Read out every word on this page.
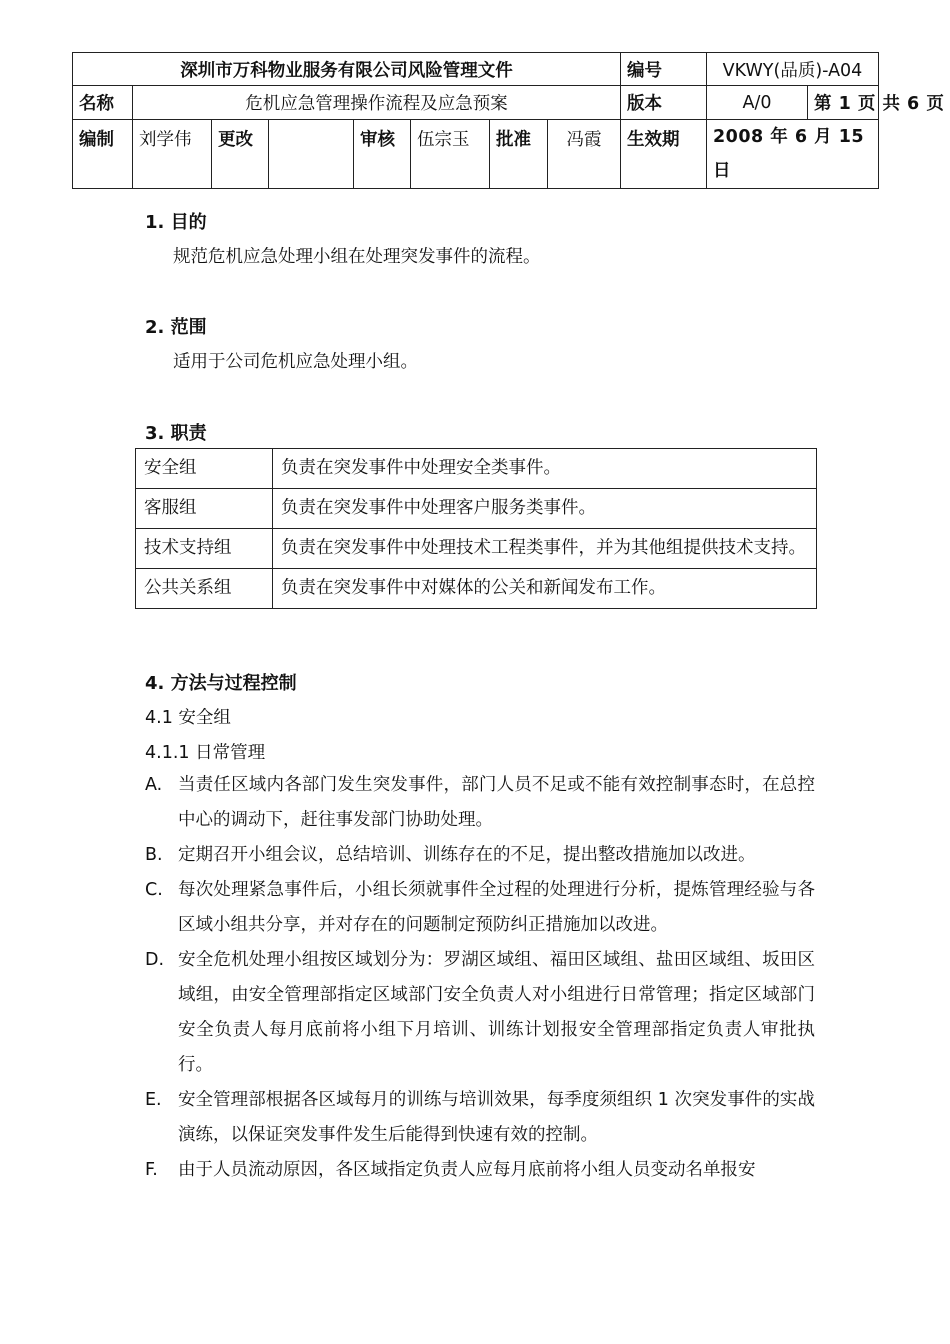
深圳市万科物业服务有限公司风险管理文件	编号	VKWY(品质)-A04
名称	危机应急管理操作流程及应急预案	版本		A/0	第 1 页 共 6 页

编制	刘学伟	更改		审核	伍宗玉	批准	冯霞	生效期	2008 年 6 月 15 日
1. 目的
规范危机应急处理小组在处理突发事件的流程。
2. 范围
适用于公司危机应急处理小组。
3. 职责
安全组	负责在突发事件中处理安全类事件。
客服组	负责在突发事件中处理客户服务类事件。
技术支持组	负责在突发事件中处理技术工程类事件，并为其他组提供技术支持。
公共关系组	负责在突发事件中对媒体的公关和新闻发布工作。
4. 方法与过程控制
4.1 安全组
4.1.1 日常管理
A. 当责任区域内各部门发生突发事件，部门人员不足或不能有效控制事态时，在总控中心的调动下，赶往事发部门协助处理。
B. 定期召开小组会议，总结培训、训练存在的不足，提出整改措施加以改进。
C. 每次处理紧急事件后，小组长须就事件全过程的处理进行分析，提炼管理经验与各区域小组共分享，并对存在的问题制定预防纠正措施加以改进。
D. 安全危机处理小组按区域划分为：罗湖区域组、福田区域组、盐田区域组、坂田区域组，由安全管理部指定区域部门安全负责人对小组进行日常管理；指定区域部门安全负责人每月底前将小组下月培训、训练计划报安全管理部指定负责人审批执行。
E. 安全管理部根据各区域每月的训练与培训效果，每季度须组织 1 次突发事件的实战演练，以保证突发事件发生后能得到快速有效的控制。
F. 由于人员流动原因，各区域指定负责人应每月底前将小组人员变动名单报安
